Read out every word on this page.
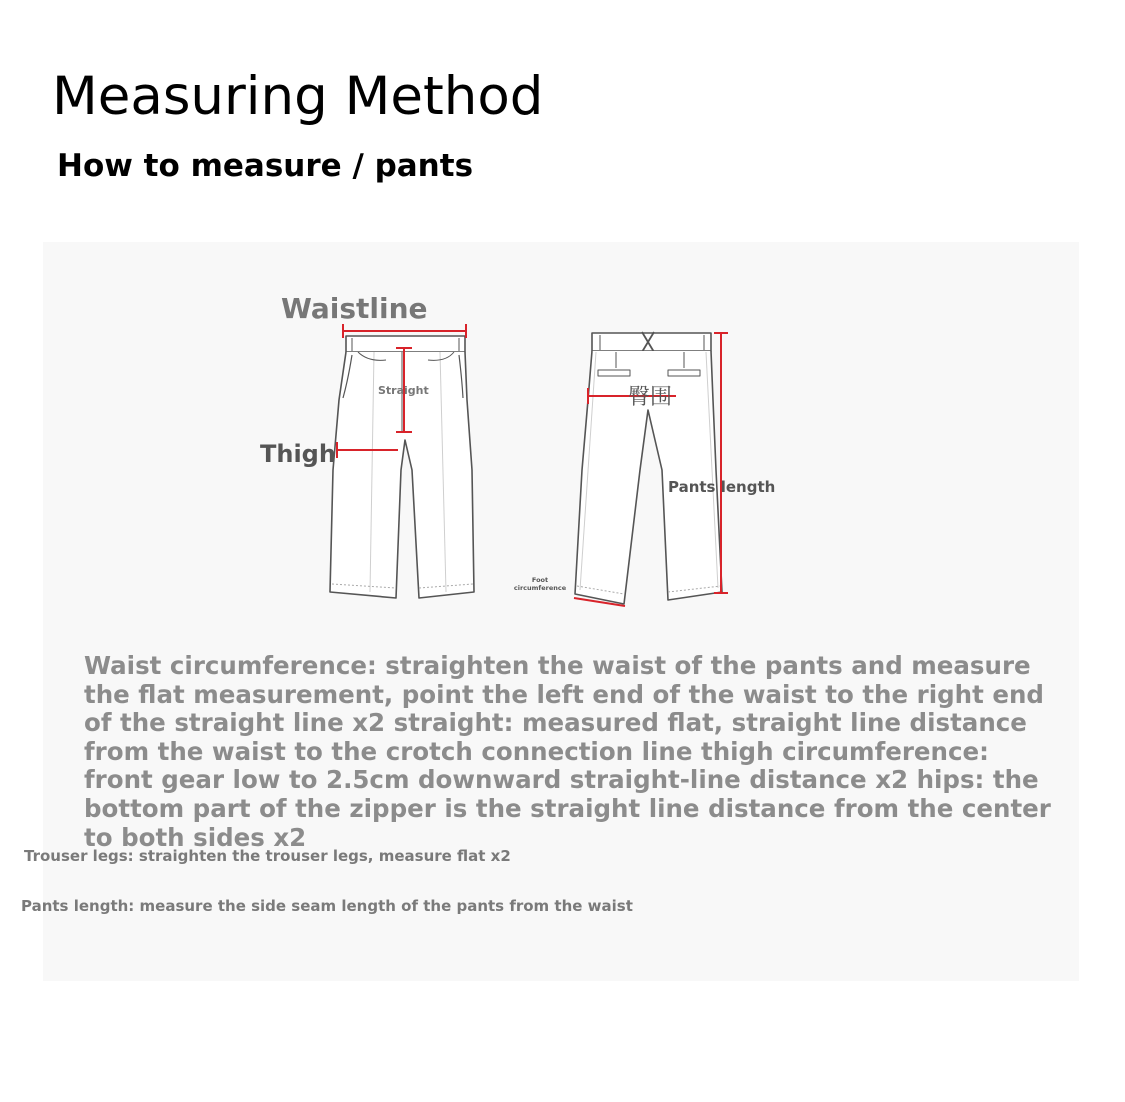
Measuring Method
How to measure / pants
Waistline
Straight
Thigh
臀围
Pants length
Foot
circumference

Waist circumference: straighten the waist of the pants and measure the flat measurement, point the left end of the waist to the right end of the straight line x2 straight: measured flat, straight line distance from the waist to the crotch connection line thigh circumference: front gear low to 2.5cm downward straight-line distance x2 hips: the bottom part of the zipper is the straight line distance from the center to both sides x2

Trouser legs: straighten the trouser legs, measure flat x2

Pants length: measure the side seam length of the pants from the waist
